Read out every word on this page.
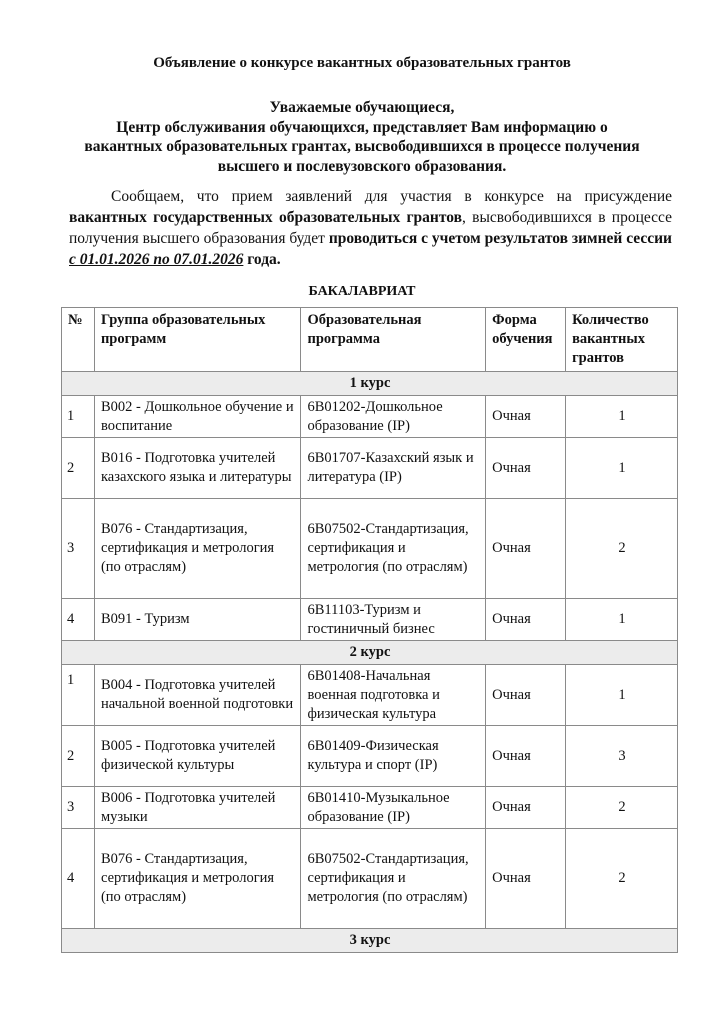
Объявление о конкурсе вакантных образовательных грантов
Уважаемые обучающиеся,
Центр обслуживания обучающихся, представляет Вам информацию о
вакантных образовательных грантах, высвободившихся в процессе получения
высшего и послевузовского образования.
Сообщаем, что прием заявлений для участия в конкурсе на присуждение вакантных государственных образовательных грантов, высвободившихся в процессе получения высшего образования будет проводиться с учетом результатов зимней сессии с 01.01.2026 по 07.01.2026 года.
БАКАЛАВРИАТ
№	Группа образовательных программ	Образовательная программа	Форма обучения	Количество вакантных грантов
1 курс				
1	В002 - Дошкольное обучение и воспитание	6В01202-Дошкольное образование (IP)	Очная	1
2	В016 - Подготовка учителей казахского языка и литературы	6В01707-Казахский язык и литература (IP)	Очная	1
3	В076 - Стандартизация, сертификация и метрология (по отраслям)	6В07502-Стандартизация, сертификация и метрология (по отраслям)	Очная	2
4	В091 - Туризм	6В11103-Туризм и гостиничный бизнес	Очная	1
2 курс				
1	В004 - Подготовка учителей начальной военной подготовки	6В01408-Начальная военная подготовка и физическая культура	Очная	1
2	В005 - Подготовка учителей физической культуры	6В01409-Физическая культура и спорт (IP)	Очная	3
3	В006 - Подготовка учителей музыки	6В01410-Музыкальное образование (IP)	Очная	2
4	В076 - Стандартизация, сертификация и метрология (по отраслям)	6В07502-Стандартизация, сертификация и метрология (по отраслям)	Очная	2
3 курс				
